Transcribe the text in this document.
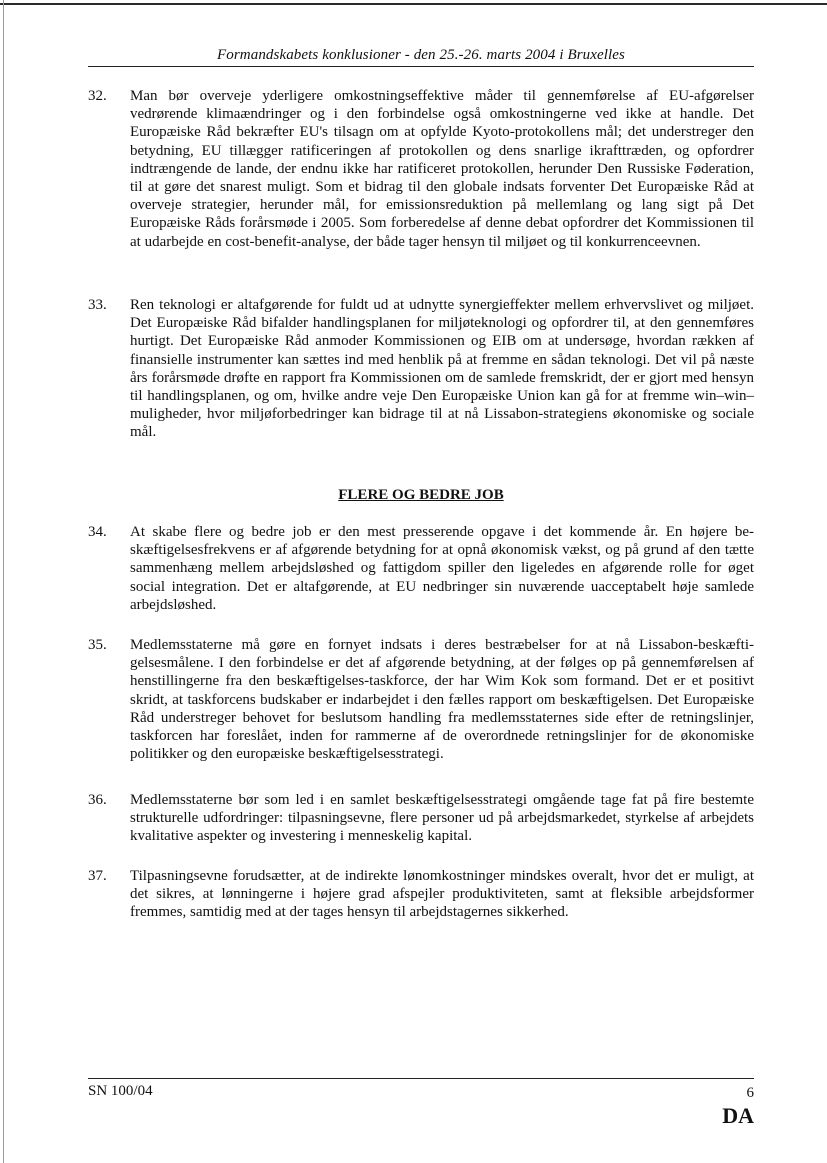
Formandskabets konklusioner - den 25.-26. marts 2004 i Bruxelles
32.	Man bør overveje yderligere omkostningseffektive måder til gennemførelse af EU-afgørelser vedrørende klimaændringer og i den forbindelse også omkostningerne ved ikke at handle. Det Europæiske Råd bekræfter EU's tilsagn om at opfylde Kyoto-protokollens mål; det understreger den betydning, EU tillægger ratificeringen af protokollen og dens snarlige ikrafttræden, og opfordrer indtrængende de lande, der endnu ikke har ratificeret protokollen, herunder Den Russiske Føderation, til at gøre det snarest muligt. Som et bidrag til den globale indsats forventer Det Europæiske Råd at overveje strategier, herunder mål, for emissionsreduktion på mellemlang og lang sigt på Det Europæiske Råds forårsmøde i 2005. Som forberedelse af denne debat opfordrer det Kommissionen til at udarbejde en cost-benefit-analyse, der både tager hensyn til miljøet og til konkurrenceevnen.
33.	Ren teknologi er altafgørende for fuldt ud at udnytte synergieffekter mellem erhvervslivet og miljøet. Det Europæiske Råd bifalder handlingsplanen for miljøteknologi og opfordrer til, at den gennemføres hurtigt. Det Europæiske Råd anmoder Kommissionen og EIB om at undersøge, hvordan rækken af finansielle instrumenter kan sættes ind med henblik på at fremme en sådan teknologi. Det vil på næste års forårsmøde drøfte en rapport fra Kommissionen om de samlede fremskridt, der er gjort med hensyn til handlingsplanen, og om, hvilke andre veje Den Europæiske Union kan gå for at fremme win–win–muligheder, hvor miljøforbedringer kan bidrage til at nå Lissabon-strategiens økonomiske og sociale mål.
FLERE OG BEDRE JOB
34.	At skabe flere og bedre job er den mest presserende opgave i det kommende år. En højere beskæftigelsesfrekvens er af afgørende betydning for at opnå økonomisk vækst, og på grund af den tætte sammenhæng mellem arbejdsløshed og fattigdom spiller den ligeledes en afgørende rolle for øget social integration. Det er altafgørende, at EU nedbringer sin nuværende uacceptabelt høje samlede arbejdsløshed.
35.	Medlemsstaterne må gøre en fornyet indsats i deres bestræbelser for at nå Lissabon-beskæftigelsesmålene. I den forbindelse er det af afgørende betydning, at der følges op på gennemførelsen af henstillingerne fra den beskæftigelses-taskforce, der har Wim Kok som formand. Det er et positivt skridt, at taskforcens budskaber er indarbejdet i den fælles rapport om beskæftigelsen. Det Europæiske Råd understreger behovet for beslutsom handling fra medlemsstaternes side efter de retningslinjer, taskforcen har foreslået, inden for rammerne af de overordnede retningslinjer for de økonomiske politikker og den europæiske beskæftigelsesstrategi.
36.	Medlemsstaterne bør som led i en samlet beskæftigelsesstrategi omgående tage fat på fire bestemte strukturelle udfordringer: tilpasningsevne, flere personer ud på arbejdsmarkedet, styrkelse af arbejdets kvalitative aspekter og investering i menneskelig kapital.
37.	Tilpasningsevne forudsætter, at de indirekte lønomkostninger mindskes overalt, hvor det er muligt, at det sikres, at lønningerne i højere grad afspejler produktiviteten, samt at fleksible arbejdsformer fremmes, samtidig med at der tages hensyn til arbejdstagernes sikkerhed.
SN 100/04	6
DA
